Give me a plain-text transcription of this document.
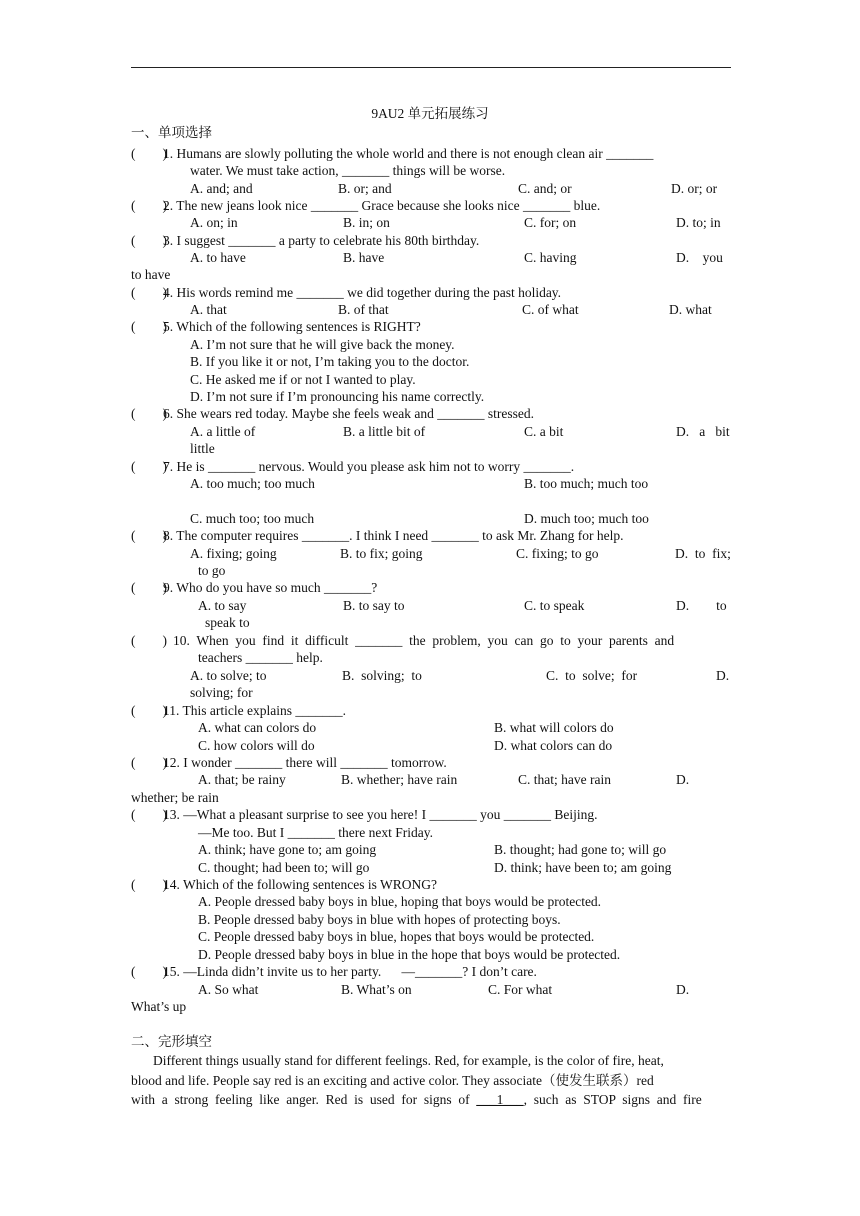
9AU2 单元拓展练习
一、单项选择
(        )1. Humans are slowly polluting the whole world and there is not enough clean air _______
water. We must take action, _______ things will be worse.
A. and; and	B. or; and	C. and; or	D. or; or
(        )2. The new jeans look nice _______ Grace because she looks nice _______ blue.
A. on; in	B. in; on	C. for; on	D. to; in
(        )3. I suggest _______ a party to celebrate his 80th birthday.
A. to have	B. have	C. having	D.    you
to have
(        )4. His words remind me _______ we did together during the past holiday.
A. that	B. of that	C. of what	D. what
(        )5. Which of the following sentences is RIGHT?
A. I’m not sure that he will give back the money.
B. If you like it or not, I’m taking you to the doctor.
C. He asked me if or not I wanted to play.
D. I’m not sure if I’m pronouncing his name correctly.
(        )6. She wears red today. Maybe she feels weak and _______ stressed.
A. a little of	B. a little bit of	C. a bit	D.   a   bit
little
(        )7. He is _______ nervous. Would you please ask him not to worry _______.
A. too much; too much	B. too much; much too
C. much too; too much	D. much too; much too
(        )8. The computer requires _______. I think I need _______ to ask Mr. Zhang for help.
A. fixing; going	B. to fix; going	C. fixing; to go	D.  to  fix;
to go
(        )9. Who do you have so much _______?
A. to say	B. to say to	C. to speak	D.        to
speak to
(        ) 10.  When  you  find  it  difficult  _______  the  problem,  you  can  go  to  your  parents  and
teachers _______ help.
A. to solve; to	B.  solving;  to	C.  to  solve;  for	D.
solving; for
(        )11. This article explains _______.
A. what can colors do	B. what will colors do
C. how colors will do	D. what colors can do
(        )12. I wonder _______ there will _______ tomorrow.
A. that; be rainy	B. whether; have rain	C. that; have rain	D.
whether; be rain
(        )13. —What a pleasant surprise to see you here! I _______ you _______ Beijing.
—Me too. But I _______ there next Friday.
A. think; have gone to; am going	B. thought; had gone to; will go
C. thought; had been to; will go	D. think; have been to; am going
(        )14. Which of the following sentences is WRONG?
A. People dressed baby boys in blue, hoping that boys would be protected.
B. People dressed baby boys in blue with hopes of protecting boys.
C. People dressed baby boys in blue, hopes that boys would be protected.
D. People dressed baby boys in blue in the hope that boys would be protected.
(        )15. —Linda didn’t invite us to her party.      —_______? I don’t care.
A. So what	B. What’s on	C. For what	D.
What’s up
二、完形填空
Different things usually stand for different feelings. Red, for example, is the color of fire, heat,
blood and life. People say red is an exciting and active color. They associate（使发生联系）red
with  a  strong  feeling  like  anger.  Red  is  used  for  signs  of  ___1___,  such  as  STOP  signs  and  fire
